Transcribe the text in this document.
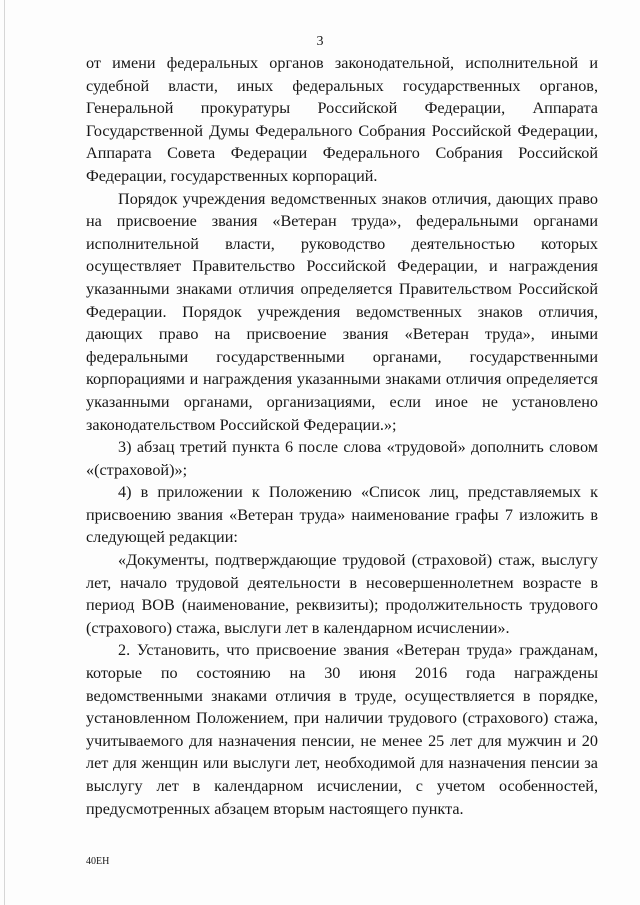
3

от имени федеральных органов законодательной, исполнительной и судебной власти, иных федеральных государственных органов, Генеральной прокуратуры Российской Федерации, Аппарата Государственной Думы Федерального Собрания Российской Федерации, Аппарата Совета Федерации Федерального Собрания Российской Федерации, государственных корпораций.

Порядок учреждения ведомственных знаков отличия, дающих право на присвоение звания «Ветеран труда», федеральными органами исполнительной власти, руководство деятельностью которых осуществляет Правительство Российской Федерации, и награждения указанными знаками отличия определяется Правительством Российской Федерации. Порядок учреждения ведомственных знаков отличия, дающих право на присвоение звания «Ветеран труда», иными федеральными государственными органами, государственными корпорациями и награждения указанными знаками отличия определяется указанными органами, организациями, если иное не установлено законодательством Российской Федерации.»;

3) абзац третий пункта 6 после слова «трудовой» дополнить словом «(страховой)»;

4) в приложении к Положению «Список лиц, представляемых к присвоению звания «Ветеран труда» наименование графы 7 изложить в следующей редакции:

«Документы, подтверждающие трудовой (страховой) стаж, выслугу лет, начало трудовой деятельности в несовершеннолетнем возрасте в период ВОВ (наименование, реквизиты); продолжительность трудового (страхового) стажа, выслуги лет в календарном исчислении».

2. Установить, что присвоение звания «Ветеран труда» гражданам, которые по состоянию на 30 июня 2016 года награждены ведомственными знаками отличия в труде, осуществляется в порядке, установленном Положением, при наличии трудового (страхового) стажа, учитываемого для назначения пенсии, не менее 25 лет для мужчин и 20 лет для женщин или выслуги лет, необходимой для назначения пенсии за выслугу лет в календарном исчислении, с учетом особенностей, предусмотренных абзацем вторым настоящего пункта.

40EH
